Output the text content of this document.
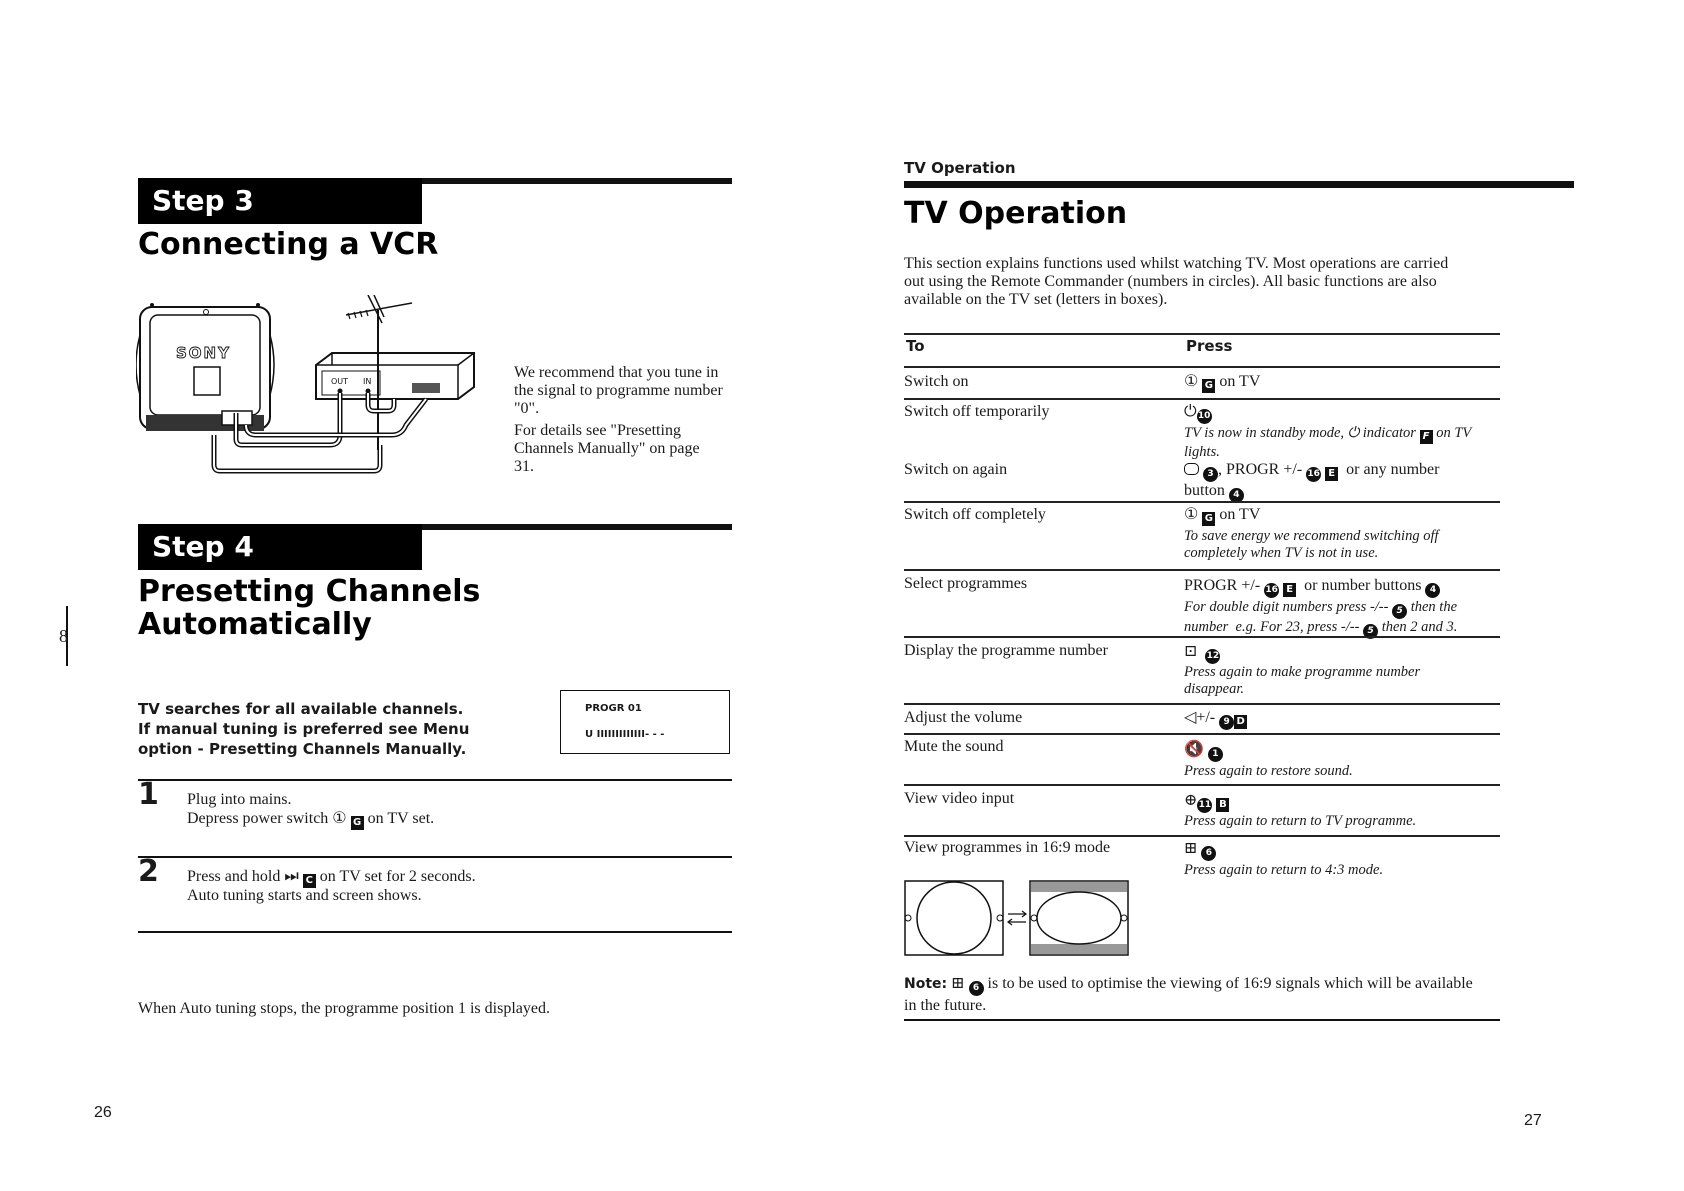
Step 3
Connecting a VCR
SONY
OUT IN
We recommend that you tune in the signal to programme number "0".
For details see "Presetting Channels Manually" on page 31.
8
Step 4
Presetting Channels
Automatically
TV searches for all available channels.
If manual tuning is preferred see Menu
option - Presetting Channels Manually.
PROGR 01
U IIIIIIIIIIIII- - -
1 Plug into mains.
Depress power switch ① G on TV set.
2 Press and hold ⏭ C on TV set for 2 seconds.
Auto tuning starts and screen shows.
When Auto tuning stops, the programme position 1 is displayed.
26
TV Operation
TV Operation
This section explains functions used whilst watching TV. Most operations are carried
out using the Remote Commander (numbers in circles). All basic functions are also
available on the TV set (letters in boxes).
To	Press
Switch on	① G on TV
Switch off temporarily	⏻10
TV is now in standby mode, ⏻ indicator F on TV lights.
Switch on again	3 , PROGR +/- 16 E  or any number button 4
Switch off completely	① G on TV
To save energy we recommend switching off completely when TV is not in use.
Select programmes	PROGR +/- 16 E  or number buttons 4
For double digit numbers press -/-- 5 then the number  e.g. For 23, press -/-- 5 then 2 and 3.
Display the programme number	⊡ 12
Press again to make programme number disappear.
Adjust the volume	◁+/- 9 D
Mute the sound	🔇 1
Press again to restore sound.
View video input	⊕11 B
Press again to return to TV programme.
View programmes in 16:9 mode	⊞ 6
Press again to return to 4:3 mode.
Note: ⊞ 6 is to be used to optimise the viewing of 16:9 signals which will be available in the future.
27
